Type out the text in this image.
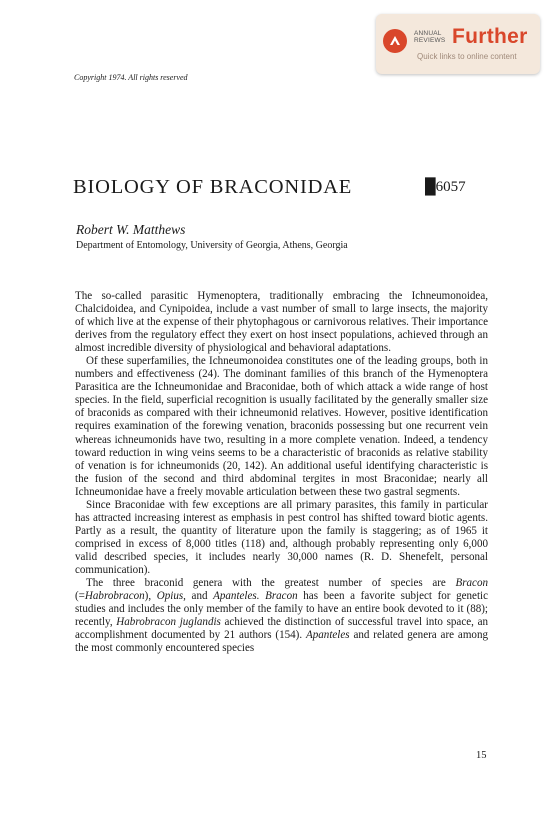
ANNUAL
REVIEWS Further
Quick links to online content
Copyright 1974. All rights reserved
BIOLOGY OF BRACONIDAE	█6057
Robert W. Matthews
Department of Entomology, University of Georgia, Athens, Georgia

The so-called parasitic Hymenoptera, traditionally embracing the Ichneumonoidea, Chalcidoidea, and Cynipoidea, include a vast number of small to large insects, the majority of which live at the expense of their phytophagous or carnivorous relatives. Their importance derives from the regulatory effect they exert on host insect populations, achieved through an almost incredible diversity of physiological and behavioral adaptations.

Of these superfamilies, the Ichneumonoidea constitutes one of the leading groups, both in numbers and effectiveness (24). The dominant families of this branch of the Hymenoptera Parasitica are the Ichneumonidae and Braconidae, both of which attack a wide range of host species. In the field, superficial recognition is usually facilitated by the generally smaller size of braconids as compared with their ichneumonid relatives. However, positive identification requires examination of the forewing venation, braconids possessing but one recurrent vein whereas ichneumonids have two, resulting in a more complete venation. Indeed, a tendency toward reduction in wing veins seems to be a characteristic of braconids as relative stability of venation is for ichneumonids (20, 142). An additional useful identifying characteristic is the fusion of the second and third abdominal tergites in most Braconidae; nearly all Ichneumonidae have a freely movable articulation between these two gastral segments.

Since Braconidae with few exceptions are all primary parasites, this family in particular has attracted increasing interest as emphasis in pest control has shifted toward biotic agents. Partly as a result, the quantity of literature upon the family is staggering; as of 1965 it comprised in excess of 8,000 titles (118) and, although probably representing only 6,000 valid described species, it includes nearly 30,000 names (R. D. Shenefelt, personal communication).

The three braconid genera with the greatest number of species are Bracon (=Habrobracon), Opius, and Apanteles. Bracon has been a favorite subject for genetic studies and includes the only member of the family to have an entire book devoted to it (88); recently, Habrobracon juglandis achieved the distinction of successful travel into space, an accomplishment documented by 21 authors (154). Apanteles and related genera are among the most commonly encountered species

15
